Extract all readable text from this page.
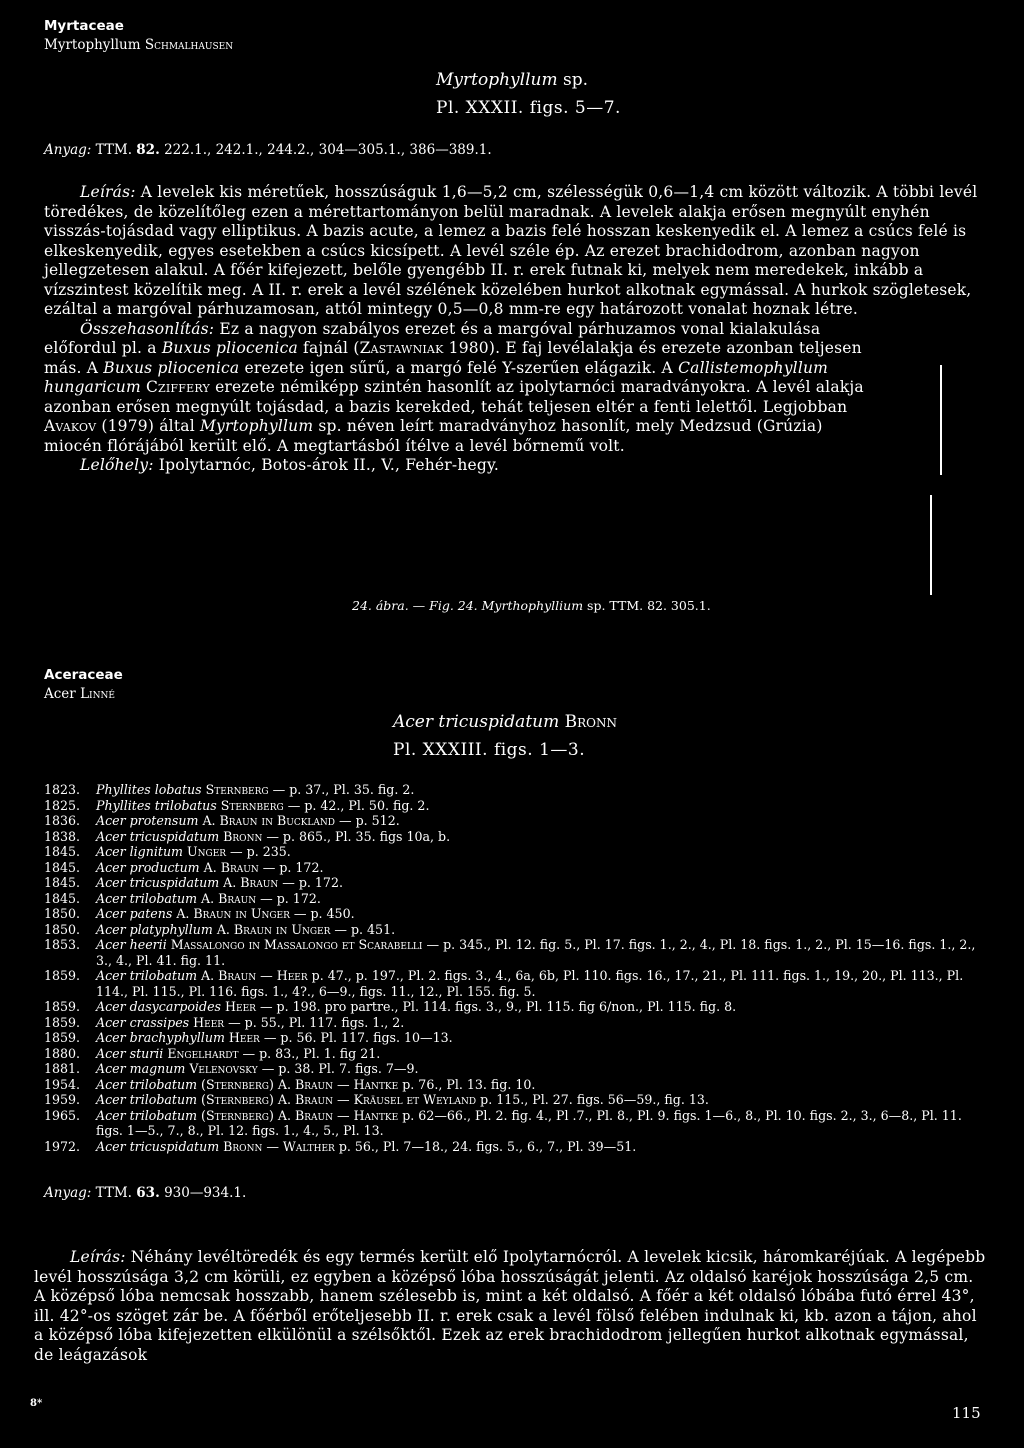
Myrtaceae
Myrtophyllum Schmalhausen
Myrtophyllum sp.
Pl. XXXII. figs. 5—7.
Anyag: TTM. 82. 222.1., 242.1., 244.2., 304—305.1., 386—389.1.

Leírás: A levelek kis méretűek, hosszúságuk 1,6—5,2 cm, szélességük 0,6—1,4 cm között változik. A többi levél töredékes, de közelítőleg ezen a mérettartományon belül maradnak. A levelek alakja erősen megnyúlt enyhén visszás-tojásdad vagy elliptikus. A bazis acute, a lemez a bazis felé hosszan keskenyedik el. A lemez a csúcs felé is elkeskenyedik, egyes esetekben a csúcs kicsípett. A levél széle ép. Az erezet brachidodrom, azonban nagyon jellegzetesen alakul. A főér kifejezett, belőle gyengébb II. r. erek futnak ki, melyek nem meredekek, inkább a vízszintest közelítik meg. A II. r. erek a levél szélének közelében hurkot alkotnak egymással. A hurkok szögletesek, ezáltal a margóval párhuzamosan, attól mintegy 0,5—0,8 mm-re egy határozott vonalat hoznak létre.

Összehasonlítás: Ez a nagyon szabályos erezet és a margóval párhuzamos vonal kialakulása előfordul pl. a Buxus pliocenica fajnál (Zastawniak 1980). E faj levélalakja és erezete azonban teljesen más. A Buxus pliocenica erezete igen sűrű, a margó felé Y-szerűen elágazik. A Callistemophyllum hungaricum Cziffery erezete némiképp szintén hasonlít az ipolytarnóci maradványokra. A levél alakja azonban erősen megnyúlt tojásdad, a bazis kerekded, tehát teljesen eltér a fenti lelettől. Legjobban Avakov (1979) által Myrtophyllum sp. néven leírt maradványhoz hasonlít, mely Medzsud (Grúzia) miocén flórájából került elő. A megtartásból ítélve a levél bőrnemű volt.

Lelőhely: Ipolytarnóc, Botos-árok II., V., Fehér-hegy.

24. ábra. — Fig. 24. Myrthophyllium sp. TTM. 82. 305.1.
Aceraceae
Acer Linné
Acer tricuspidatum Bronn
Pl. XXXIII. figs. 1—3.
1823.	Phyllites lobatus Sternberg — p. 37., Pl. 35. fig. 2.
1825.	Phyllites trilobatus Sternberg — p. 42., Pl. 50. fig. 2.
1836.	Acer protensum A. Braun in Buckland — p. 512.
1838.	Acer tricuspidatum Bronn — p. 865., Pl. 35. figs 10a, b.
1845.	Acer lignitum Unger — p. 235.
1845.	Acer productum A. Braun — p. 172.
1845.	Acer tricuspidatum A. Braun — p. 172.
1845.	Acer trilobatum A. Braun — p. 172.
1850.	Acer patens A. Braun in Unger — p. 450.
1850.	Acer platyphyllum A. Braun in Unger — p. 451.
1853.	Acer heerii Massalongo in Massalongo et Scarabelli — p. 345., Pl. 12. fig. 5., Pl. 17. figs. 1., 2., 4., Pl. 18. figs. 1., 2., Pl. 15—16. figs. 1., 2., 3., 4., Pl. 41. fig. 11.
1859.	Acer trilobatum A. Braun — Heer p. 47., p. 197., Pl. 2. figs. 3., 4., 6a, 6b, Pl. 110. figs. 16., 17., 21., Pl. 111. figs. 1., 19., 20., Pl. 113., Pl. 114., Pl. 115., Pl. 116. figs. 1., 4?., 6—9., figs. 11., 12., Pl. 155. fig. 5.
1859.	Acer dasycarpoides Heer — p. 198. pro partre., Pl. 114. figs. 3., 9., Pl. 115. fig 6/non., Pl. 115. fig. 8.
1859.	Acer crassipes Heer — p. 55., Pl. 117. figs. 1., 2.
1859.	Acer brachyphyllum Heer — p. 56. Pl. 117. figs. 10—13.
1880.	Acer sturii Engelhardt — p. 83., Pl. 1. fig 21.
1881.	Acer magnum Velenovsky — p. 38. Pl. 7. figs. 7—9.
1954.	Acer trilobatum (Sternberg) A. Braun — Hantke p. 76., Pl. 13. fig. 10.
1959.	Acer trilobatum (Sternberg) A. Braun — Kräusel et Weyland p. 115., Pl. 27. figs. 56—59., fig. 13.
1965.	Acer trilobatum (Sternberg) A. Braun — Hantke p. 62—66., Pl. 2. fig. 4., Pl .7., Pl. 8., Pl. 9. figs. 1—6., 8., Pl. 10. figs. 2., 3., 6—8., Pl. 11. figs. 1—5., 7., 8., Pl. 12. figs. 1., 4., 5., Pl. 13.
1972.	Acer tricuspidatum Bronn — Walther p. 56., Pl. 7—18., 24. figs. 5., 6., 7., Pl. 39—51.
Anyag: TTM. 63. 930—934.1.

Leírás: Néhány levéltöredék és egy termés került elő Ipolytarnócról. A levelek kicsik, háromkaréjúak. A legépebb levél hosszúsága 3,2 cm körüli, ez egyben a középső lóba hosszúságát jelenti. Az oldalsó karéjok hosszúsága 2,5 cm. A középső lóba nemcsak hosszabb, hanem szélesebb is, mint a két oldalsó. A főér a két oldalsó lóbába futó érrel 43°, ill. 42°-os szöget zár be. A főérből erőteljesebb II. r. erek csak a levél fölső felében indulnak ki, kb. azon a tájon, ahol a középső lóba kifejezetten elkülönül a szélsőktől. Ezek az erek brachidodrom jellegűen hurkot alkotnak egymással, de leágazások

8*
115
